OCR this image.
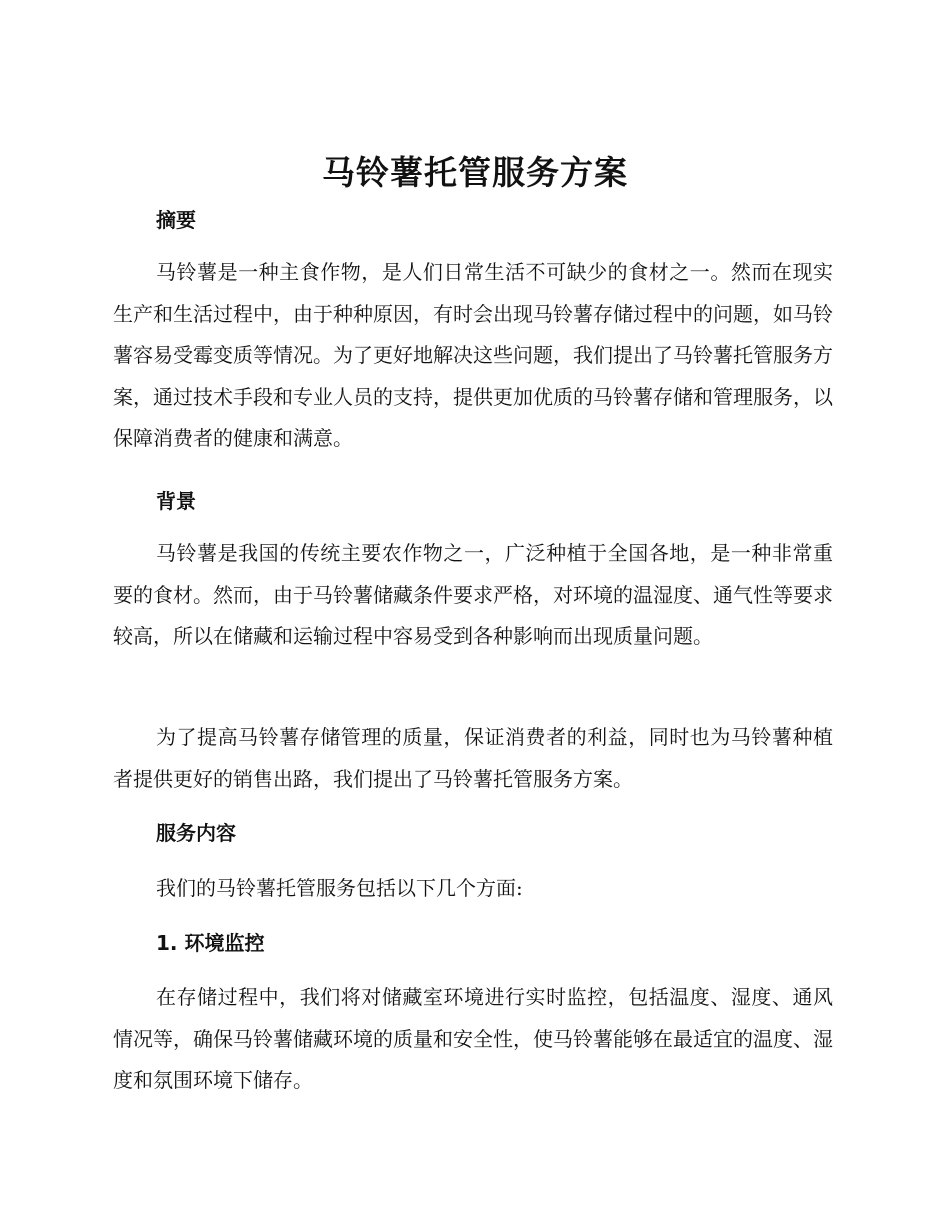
马铃薯托管服务方案
摘要

马铃薯是一种主食作物，是人们日常生活不可缺少的食材之一。然而在现实生产和生活过程中，由于种种原因，有时会出现马铃薯存储过程中的问题，如马铃薯容易受霉变质等情况。为了更好地解决这些问题，我们提出了马铃薯托管服务方案，通过技术手段和专业人员的支持，提供更加优质的马铃薯存储和管理服务，以保障消费者的健康和满意。

背景

马铃薯是我国的传统主要农作物之一，广泛种植于全国各地，是一种非常重要的食材。然而，由于马铃薯储藏条件要求严格，对环境的温湿度、通气性等要求较高，所以在储藏和运输过程中容易受到各种影响而出现质量问题。

为了提高马铃薯存储管理的质量，保证消费者的利益，同时也为马铃薯种植者提供更好的销售出路，我们提出了马铃薯托管服务方案。

服务内容

我们的马铃薯托管服务包括以下几个方面:

1. 环境监控

在存储过程中，我们将对储藏室环境进行实时监控，包括温度、湿度、通风情况等，确保马铃薯储藏环境的质量和安全性，使马铃薯能够在最适宜的温度、湿度和氛围环境下储存。
